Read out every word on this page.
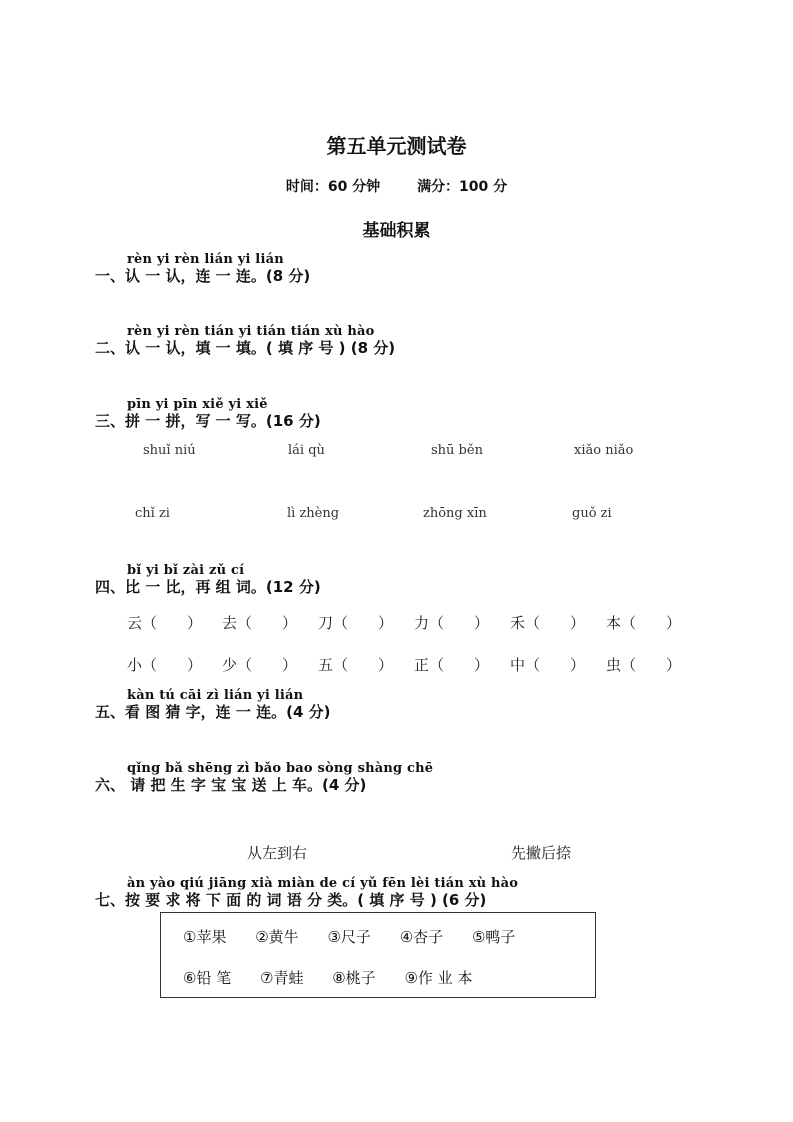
第五单元测试卷
时间：60 分钟	满分：100 分
基础积累
rèn yi rèn lián yi lián
一、认 一 认，连 一 连。(8 分)
rèn yi rèn tián yi tián tián xù hào
二、认 一 认，填 一 填。( 填 序 号 ) (8 分)
pīn yi pīn xiě yi xiě
三、拼 一 拼，写 一 写。(16 分)
shuǐ niú	lái qù	shū běn	xiǎo niǎo
chǐ zi	lì zhèng	zhōng xīn	guǒ zi
bǐ yi bǐ zài zǔ cí
四、比 一 比，再 组 词。(12 分)
云（　　） 去（　　） 刀（　　） 力（　　） 禾（　　） 本（　　）
小（　　） 少（　　） 五（　　） 正（　　） 中（　　） 虫（　　）
kàn tú cāi zì lián yi lián
五、看 图 猜 字，连 一 连。(4 分)
qǐng bǎ shēng zì bǎo bao sòng shàng chē
六、 请 把 生 字 宝 宝 送 上 车。(4 分)
从左到右	先撇后捺
àn yào qiú jiāng xià miàn de cí yǔ fēn lèi tián xù hào
七、按 要 求 将 下 面 的 词 语 分 类。( 填 序 号 ) (6 分)
①苹果 ②黄牛 ③尺子 ④杏子 ⑤鸭子
⑥铅 笔 ⑦青蛙 ⑧桃子 ⑨作 业 本
